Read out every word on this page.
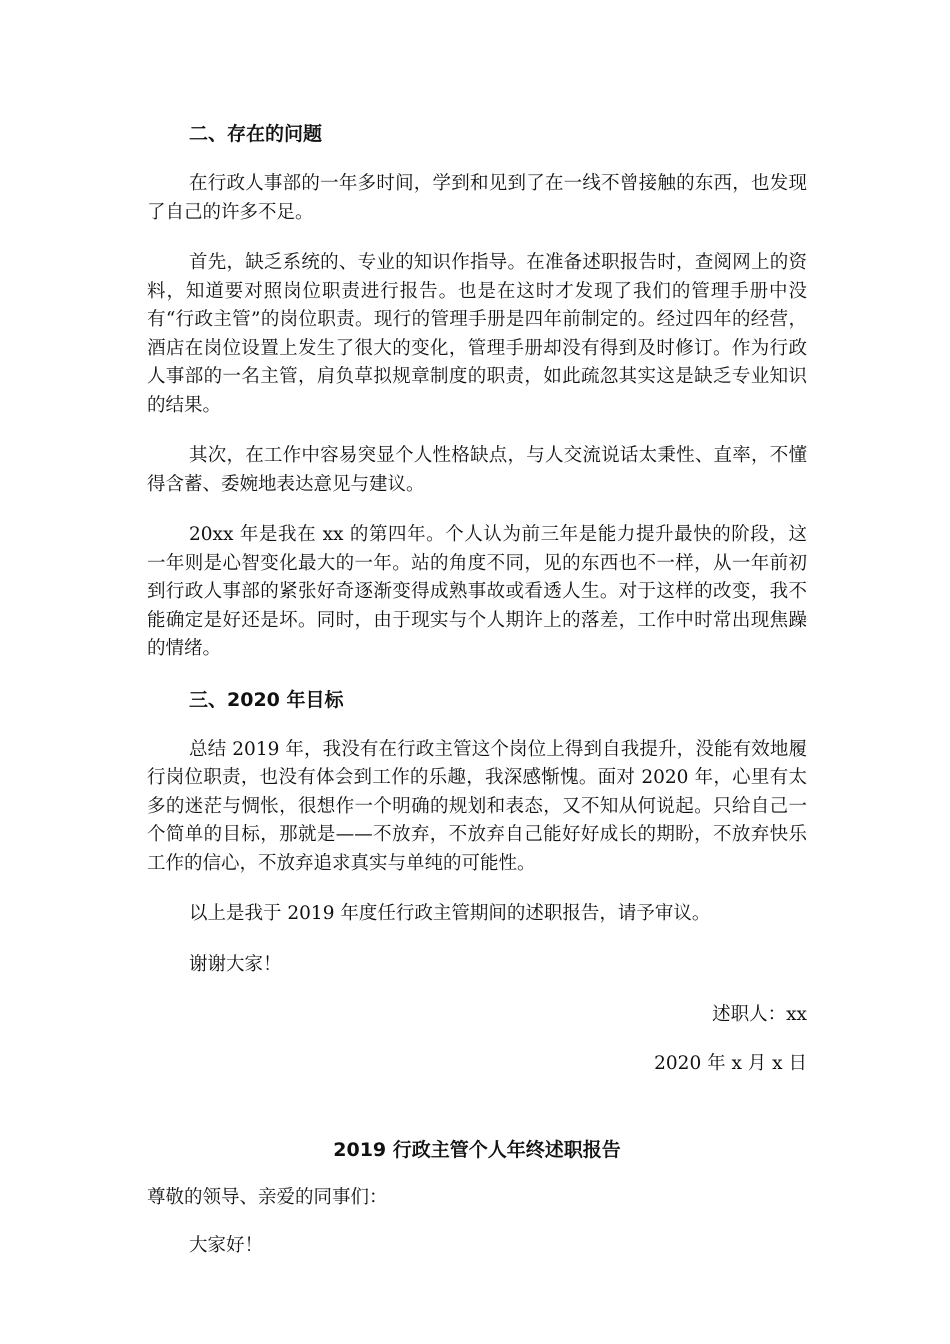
二、存在的问题

在行政人事部的一年多时间，学到和见到了在一线不曾接触的东西，也发现了自己的许多不足。

首先，缺乏系统的、专业的知识作指导。在准备述职报告时，查阅网上的资料，知道要对照岗位职责进行报告。也是在这时才发现了我们的管理手册中没有“行政主管”的岗位职责。现行的管理手册是四年前制定的。经过四年的经营，酒店在岗位设置上发生了很大的变化，管理手册却没有得到及时修订。作为行政人事部的一名主管，肩负草拟规章制度的职责，如此疏忽其实这是缺乏专业知识的结果。

其次，在工作中容易突显个人性格缺点，与人交流说话太秉性、直率，不懂得含蓄、委婉地表达意见与建议。

20xx 年是我在 xx 的第四年。个人认为前三年是能力提升最快的阶段，这一年则是心智变化最大的一年。站的角度不同，见的东西也不一样，从一年前初到行政人事部的紧张好奇逐渐变得成熟事故或看透人生。对于这样的改变，我不能确定是好还是坏。同时，由于现实与个人期许上的落差，工作中时常出现焦躁的情绪。

三、2020 年目标

总结 2019 年，我没有在行政主管这个岗位上得到自我提升，没能有效地履行岗位职责，也没有体会到工作的乐趣，我深感惭愧。面对 2020 年，心里有太多的迷茫与惆怅，很想作一个明确的规划和表态，又不知从何说起。只给自己一个简单的目标，那就是——不放弃，不放弃自己能好好成长的期盼，不放弃快乐工作的信心，不放弃追求真实与单纯的可能性。

以上是我于 2019 年度任行政主管期间的述职报告，请予审议。

谢谢大家！

述职人：xx
2020 年 x 月 x 日
2019 行政主管个人年终述职报告
尊敬的领导、亲爱的同事们：

大家好！
